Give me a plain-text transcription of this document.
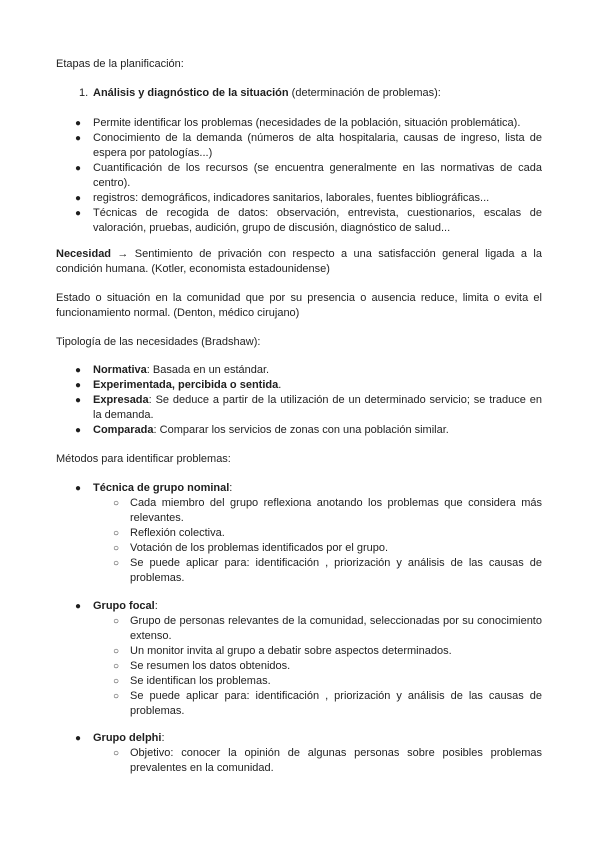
Etapas de la planificación:

1. Análisis y diagnóstico de la situación (determinación de problemas):
● Permite identificar los problemas (necesidades de la población, situación problemática).
● Conocimiento de la demanda (números de alta hospitalaria, causas de ingreso, lista de espera por patologías...)
● Cuantificación de los recursos (se encuentra generalmente en las normativas de cada centro).
● registros: demográficos, indicadores sanitarios, laborales, fuentes bibliográficas...
● Técnicas de recogida de datos: observación, entrevista, cuestionarios, escalas de valoración, pruebas, audición, grupo de discusión, diagnóstico de salud...

Necesidad → Sentimiento de privación con respecto a una satisfacción general ligada a la condición humana. (Kotler, economista estadounidense)

Estado o situación en la comunidad que por su presencia o ausencia reduce, limita o evita el funcionamiento normal. (Denton, médico cirujano)

Tipología de las necesidades (Bradshaw):

● Normativa: Basada en un estándar.
● Experimentada, percibida o sentida.
● Expresada: Se deduce a partir de la utilización de un determinado servicio; se traduce en la demanda.
● Comparada: Comparar los servicios de zonas con una población similar.

Métodos para identificar problemas:

● Técnica de grupo nominal:
○ Cada miembro del grupo reflexiona anotando los problemas que considera más relevantes.
○ Reflexión colectiva.
○ Votación de los problemas identificados por el grupo.
○ Se puede aplicar para: identificación , priorización y análisis de las causas de problemas.
● Grupo focal:
○ Grupo de personas relevantes de la comunidad, seleccionadas por su conocimiento extenso.
○ Un monitor invita al grupo a debatir sobre aspectos determinados.
○ Se resumen los datos obtenidos.
○ Se identifican los problemas.
○ Se puede aplicar para: identificación , priorización y análisis de las causas de problemas.
● Grupo delphi:
○ Objetivo: conocer la opinión de algunas personas sobre posibles problemas prevalentes en la comunidad.
